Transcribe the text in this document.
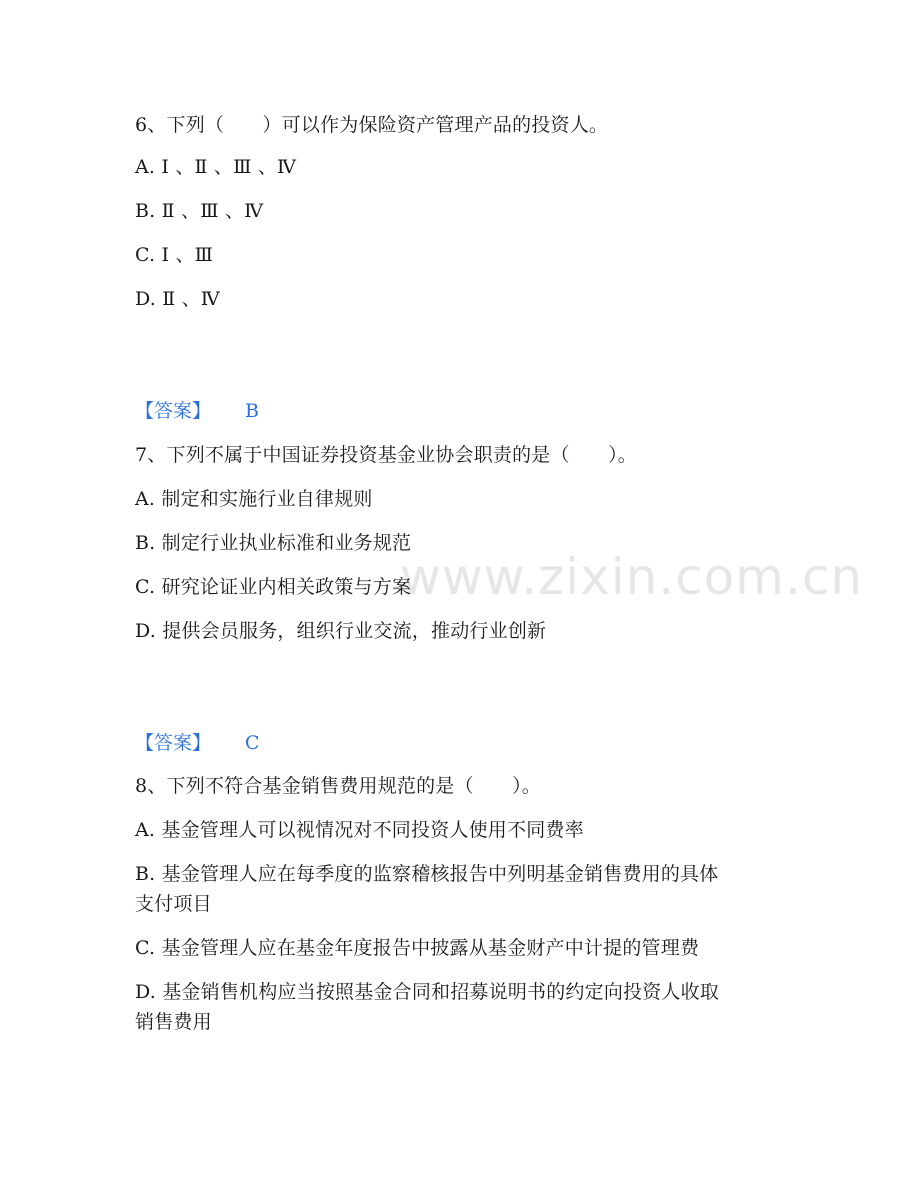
www.zixin.com.cn
6、下列（　　）可以作为保险资产管理产品的投资人。
A. Ⅰ 、Ⅱ 、Ⅲ 、Ⅳ
B. Ⅱ 、Ⅲ 、Ⅳ
C. Ⅰ 、Ⅲ
D. Ⅱ 、Ⅳ
【答案】 B
7、下列不属于中国证券投资基金业协会职责的是（　　）。
A. 制定和实施行业自律规则
B. 制定行业执业标准和业务规范
C. 研究论证业内相关政策与方案
D. 提供会员服务，组织行业交流，推动行业创新
【答案】 C
8、下列不符合基金销售费用规范的是（　　）。
A. 基金管理人可以视情况对不同投资人使用不同费率
B. 基金管理人应在每季度的监察稽核报告中列明基金销售费用的具体
支付项目
C. 基金管理人应在基金年度报告中披露从基金财产中计提的管理费
D. 基金销售机构应当按照基金合同和招募说明书的约定向投资人收取
销售费用
